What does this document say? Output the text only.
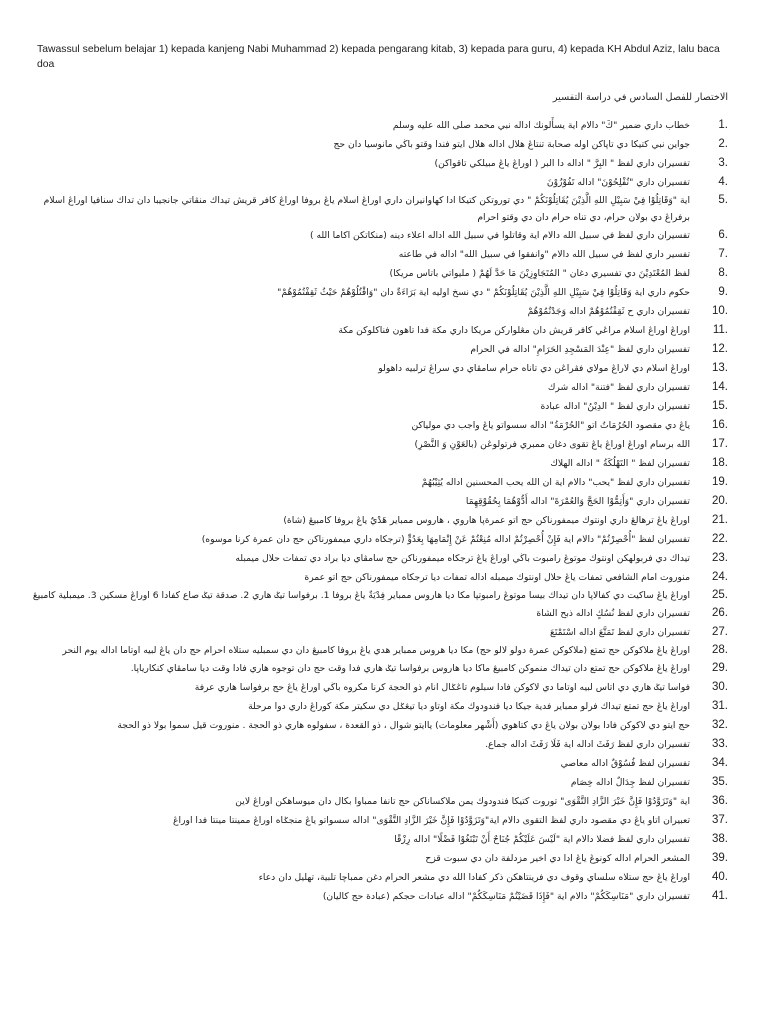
Tawassul sebelum belajar 1) kepada kanjeng Nabi Muhammad 2) kepada pengarang kitab, 3) kepada para guru, 4) kepada KH Abdul Aziz, lalu baca doa
الاختصار للفصل السادس في دراسة التفسير
خطاب داري ضمير "كَ" دالام اية يسأَلونك اداله نبي محمد صلى الله عليه وسلم	1.
جواين نبي كتيكا دي تاپاكن اوله صحابة تنتاڠ هلال اداله هلال ايتو فندا وقتو باڬي مانوسيا دان حج	2.
تفسيران داري لفظ " البِرَّ " اداله دا البر ( اوراڠ ياڠ مبيلكي تاقواكن)	3.
تفسيران داري "تُفْلِحُوْنَ" اداله تَفُوْزُوْنَ	4.
اية "وَقَاتِلُوْا فِيْ سَبِيْلِ اللهِ الَّذِيْنَ يُقَاتِلُوْنَكُمْ " دي توروتكن كتيكا ادا كهاوانيران داري اوراڠ اسلام ياڠ بروفا اوراڠ كافر قريش تيداك منڤاتي جانجيبا دان تداك سنافيا اوراڠ اسلام برفراڠ دي بولان حرام، دي تناه حرام دان دي وقتو احرام
5.
تفسيران داري لفظ في سبيل الله دالام اية وقاتلوا في سبيل الله اداله اعلاء دينه (منكاتكن اكاما الله )	6.
تفسير داري لفظ في سبيل الله دالام "وانفقوا في سبيل الله" اداله في طاعته	7.
لفظ المُعْتَدِيْنَ دي تفسيري دغان " المُتَجَاوِزِيْنَ مَا حَدَّ لَهُمْ ( مليواتي باتاس مريكا)	8.
حكوم داري اية وَقَاتِلُوْا فِيْ سَبِيْلِ اللهِ الَّذِيْنَ يُقَاتِلُوْنَكُمْ " دي نسخ اوليه اية بَرَاءَةٌ دان "وَاقْتُلُوْهُمْ حَيْثُ ثَقِفْتُمُوْهُمْ"	9.
تفسيران داري ح ثَقِفْتُمُوْهُمْ اداله وَجَدْتُمُوْهُمْ	10.
اوراڠ اوراڠ اسلام مراڠي كافر قريش دان مڠلواركن مريكا داري مكة فدا تاهون فناكلوكن مكة	11.
تفسيران داري لفظ "عِنْدَ المَسْجِدِ الحَرَامِ" اداله في الحرام	12.
اوراڠ اسلام دي لاراڠ مولاي فڤراڠن دي تاناه حرام سامڤاي دي سراڠ ترلبيه داهولو	13.
تفسيران داري لفظ "فتنة" اداله شرك	14.
تفسيران داري لفظ " الدِيْنُ" اداله عبادة	15.
ياڠ دي مقصود الحُرُمَاتُ اتو "الحُرْمَةُ" اداله سسواتو ياڠ واجب دي مولياكن	16.
الله برسام اوراڠ اوراڠ ياڠ تقوى دغان ممبري فرتولوڠن (بالعَوْنِ وَ النَّصْرِ)	17.
تفسيران لفظ " التَهْلُكَةُ " اداله الهلاك	18.
تفسيران داري لفظ "يحب" دالام اية ان الله يحب المحسنين اداله يُثِيْبُهُمْ	19.
تفسيران داري "وَأَتِمُّوْا الحَجَّ وَالعُمْرَةَ" اداله أَدُّوْهُمَا بِحُقُوْقِهِمَا	20.
اوراڠ ياڠ ترهالڠ داري اونتوك ميمفورناكن حج اتو عمرةڽا هاروي ، هاروس ممباير هَدْيٌ ياڠ بروفا كامبيڠ (شاة)	21.
تفسيران لفظ "أُحْصِرْتُمْ" دالام اية فَإِنْ أُحْصِرْتُمْ اداله مُنِعْتُمْ عَنْ إِتْمَامِهَا بِعَدُوٍّ (ترجكاه داري ميمفورناكن حج دان عمرة كرنا موسوه)	22.
تيداك دي فربولهكن اونتوك موتوڠ رامبوت باڬي اوراڠ ياڠ ترجكاه ميمفورناكن حج سامڤاي ديا براد دي تمفات حلال ميمبله	23.
منوروت امام الشافعي تمفات ياڠ حلال اونتوك ميمبله اداله تمفات ديا ترجكاه ميمفورناكن حج اتو عمرة	24.
اوراڠ ياڠ ساكيت دي كفالاڽا دان تيداك بيسا موتوڠ رامبوتڽا مكا ديا هاروس ممباير فِدْيَةٌ ياڠ بروفا 1. برفواسا تيݢ هاري 2. صدقة تيݢ صاع كفادا 6 اوراڠ مسكين 3. ميمبلية كامبيڠ	25.
تفسيران داري لفظ نُسُكٍ اداله ذبح الشاة	26.
تفسيران داري لفظ تَمَتَّعَ اداله اسْتَمْتَعَ	27.
اوراڠ ياڠ ملاكوكن حج تمتع (ملاكوكن عمرة دولو لالو حج) مكا ديا هروس ممباير هدي ياڠ بروفا كامبيڠ دان دي سمبليه ستلاه احرام حج دان ياڠ لبيه اوتاما اداله يوم النحر	28.
اوراڠ ياڠ ملاكوكن حج تمتع دان تيداك منموكن كامبيڠ ماكا ديا هاروس برفواسا تيݢ هاري فدا وقت حج دان توجوه هاري فادا وقت ديا سامڤاي كنكارياڽا.	29.
فواسا تيݢ هاري دي اتاس لبيه اوتاما دي لاكوكن فادا سبلوم تاڠݢال انام ذو الحجة كرنا مكروه باڬي اوراڠ ياڠ حج برفواسا هاري عرفة	30.
اوراڠ ياڠ حج تمتع تيداك فرلو ممباير فدية جيكا ديا فندودوك مكة اوتاو ديا تيڠݢل دي سكيتر مكة كوراڠ داري دوا مرحلة	31.
حج ايتو دي لاكوكن فادا بولان بولان ياڠ دي كتاهوي (أَشْهر معلومات) ياايتو شوال ، ذو القعدة ، سفولوه هاري ذو الحجة . منوروت قيل سموا بولا ذو الحجة	32.
تفسيران داري لفظ رَفَثَ اداله اية فَلَا رَفَثَ اداله جماع.	33.
تفسيران لفظ فُسُوْقٌ اداله معاصي	34.
تفسيران لفظ جِدَالٌ اداله خِصَام	35.
اية "وَتَزَوَّدُوْا فَإِنَّ خَيْرَ الزَّادِ التَّقْوَى" توروت كتيكا فندودوك يمن ملاكساناكن حج تانفا ممباوا بكال دان ميوساهكن اوراڠ لاين	36.
تعبيران اتاو ياڠ دي مقصود داري لفظ التقوى دالام اية"وَتَزَوَّدُوْا فَإِنَّ خَيْرَ الزَّادِ التَّقْوَى" اداله سسواتو ياڠ منجݢاه اوراڠ ممينتا مينتا فدا اوراڠ	37.
تفسيران داري لفظ فضلا دالام اية "لَيْسَ عَلَيْكُمْ جُنَاحٌ أَنْ تَبْتَغُوْا فَضْلًا" اداله رِزْقًا	38.
المشعر الحرام اداله كونوڠ ياڠ ادا دي اخير مزدلفة دان دي سبوت قزح	39.
اوراڠ ياڠ حج ستلاه سلساي وقوف دي فرينتاهكن ذكر كفادا الله دي مشعر الحرام دغن ممباچا تلبية، تهليل دان دعاء	40.
تفسيران داري "مَنَاسِكَكُمْ" دالام اية "فَإِذَا قَضَيْتُمْ مَنَاسِكَكُمْ" اداله عبادات حجكم (عبادة حج كاليان)	41.
